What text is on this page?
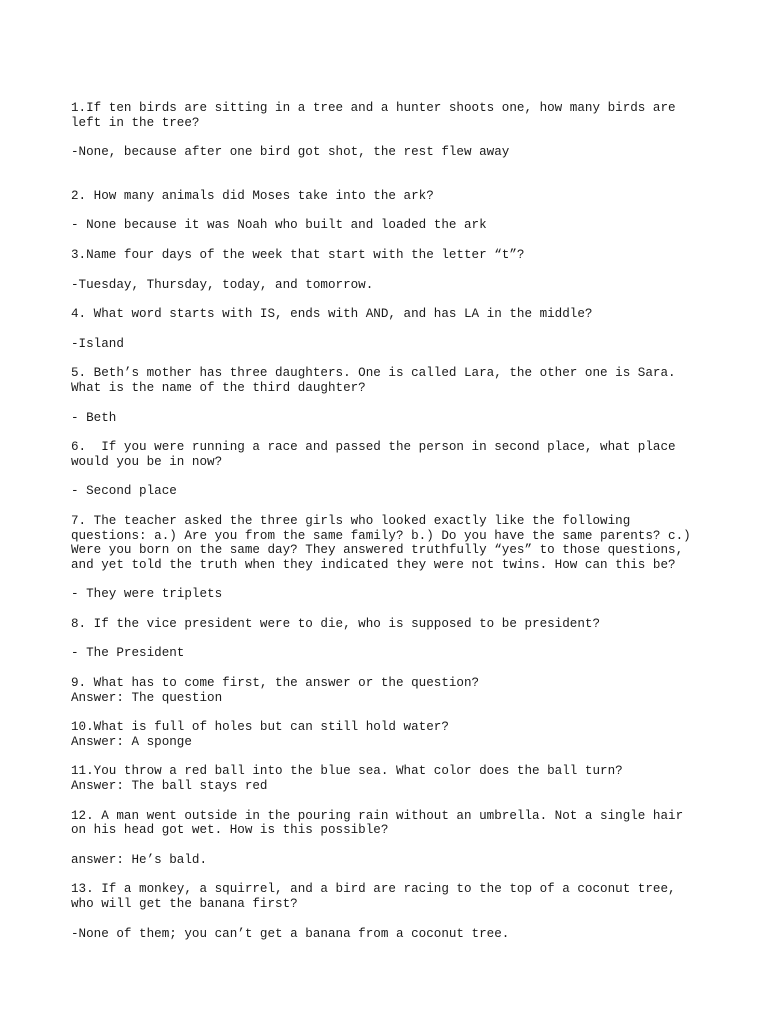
1.If ten birds are sitting in a tree and a hunter shoots one, how many birds are

left in the tree?

-None, because after one bird got shot, the rest flew away

2. How many animals did Moses take into the ark?

- None because it was Noah who built and loaded the ark

3.Name four days of the week that start with the letter “t”?

-Tuesday, Thursday, today, and tomorrow.

4. What word starts with IS, ends with AND, and has LA in the middle?

-Island

5. Beth’s mother has three daughters. One is called Lara, the other one is Sara.

What is the name of the third daughter?

- Beth

6.  If you were running a race and passed the person in second place, what place

would you be in now?

- Second place

7. The teacher asked the three girls who looked exactly like the following

questions: a.) Are you from the same family? b.) Do you have the same parents? c.)

Were you born on the same day? They answered truthfully “yes” to those questions,

and yet told the truth when they indicated they were not twins. How can this be?

- They were triplets

8. If the vice president were to die, who is supposed to be president?

- The President

9. What has to come first, the answer or the question?

Answer: The question

10.What is full of holes but can still hold water?

Answer: A sponge

11.You throw a red ball into the blue sea. What color does the ball turn?

Answer: The ball stays red

12. A man went outside in the pouring rain without an umbrella. Not a single hair

on his head got wet. How is this possible?

answer: He’s bald.

13. If a monkey, a squirrel, and a bird are racing to the top of a coconut tree,

who will get the banana first?

-None of them; you can’t get a banana from a coconut tree.
